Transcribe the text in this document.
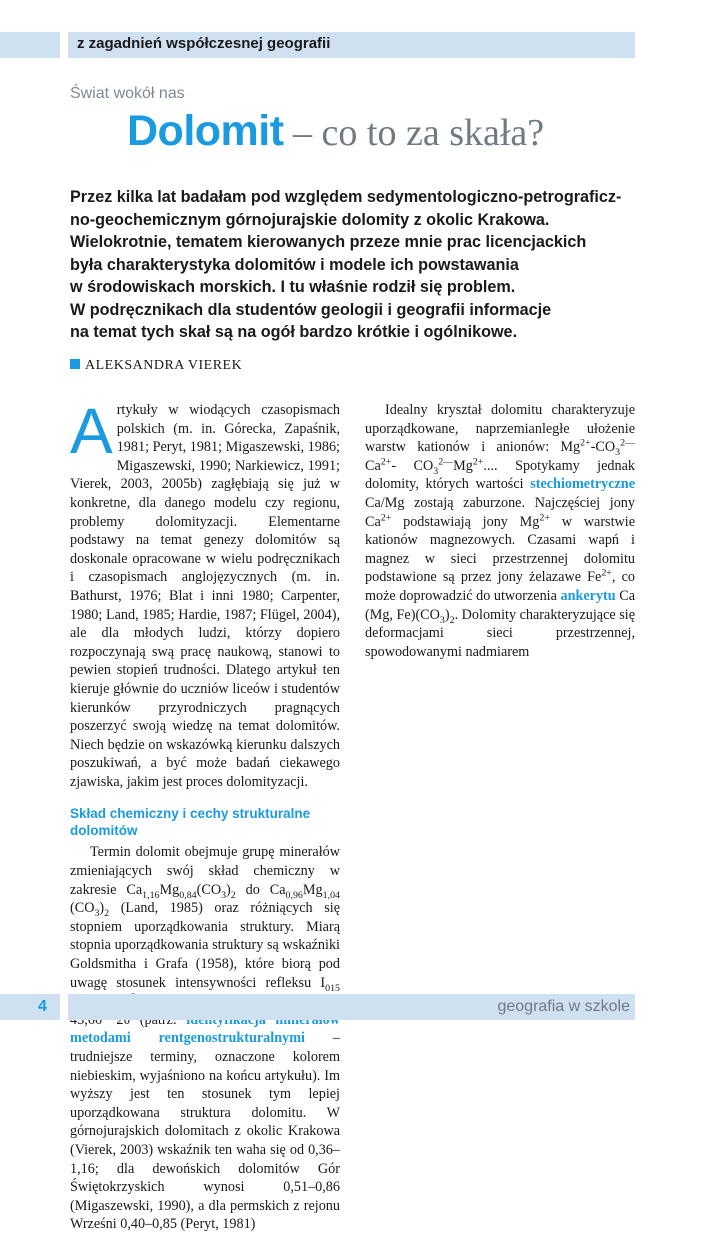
z zagadnień współczesnej geografii
Świat wokół nas
Dolomit – co to za skała?
Przez kilka lat badałam pod względem sedymentologiczno-petrograficz-
no-geochemicznym górnojurajskie dolomity z okolic Krakowa.
Wielokrotnie, tematem kierowanych przeze mnie prac licencjackich
była charakterystyka dolomitów i modele ich powstawania
w środowiskach morskich. I tu właśnie rodził się problem.
W podręcznikach dla studentów geologii i geografii informacje
na temat tych skał są na ogół bardzo krótkie i ogólnikowe.
ALEKSANDRA VIEREK

Artykuły w wiodących czasopismach polskich (m. in. Górecka, Zapaśnik, 1981; Peryt, 1981; Migaszewski, 1986; Migaszewski, 1990; Narkiewicz, 1991; Vierek, 2003, 2005b) zagłębiają się już w konkretne, dla danego modelu czy regionu, problemy dolomityzacji. Elementarne podstawy na temat genezy dolomitów są doskonale opracowane w wielu podręcznikach i czasopismach anglojęzycznych (m. in. Bathurst, 1976; Blat i inni 1980; Carpenter, 1980; Land, 1985; Hardie, 1987; Flügel, 2004), ale dla młodych ludzi, którzy dopiero rozpoczynają swą pracę naukową, stanowi to pewien stopień trudności. Dlatego artykuł ten kieruje głównie do uczniów liceów i studentów kierunków przyrodniczych pragnących poszerzyć swoją wiedzę na temat dolomitów. Niech będzie on wskazówką kierunku dalszych poszukiwań, a być może badań ciekawego zjawiska, jakim jest proces dolomityzacji.

Skład chemiczny i cechy strukturalne dolomitów

Termin dolomit obejmuje grupę minerałów zmieniających swój skład chemiczny w zakresie $Ca_{1,16}Mg_{0,84}(CO_3)_2$ do $Ca_{0,96}Mg_{1,04}$ $(CO_3)_2$ (Land, 1985) oraz różniących się stopniem uporządkowania struktury. Miarą stopnia uporządkowania struktury są wskaźniki Goldsmitha i Grafa (1958), które biorą pod uwagę stosunek intensywności refleksu $I_{015}$ metodami rentgenostrukturalnymi – trudniejsze terminy, oznaczone kolorem niebieskim, wyjaśniono na końcu artykułu). Im wyższy jest ten stosunek tym lepiej uporządkowana struktura dolomitu. W górnojurajskich dolomitach z okolic Krakowa (Vierek, 2003) wskaźnik ten waha się od 0,36–1,16; dla dewońskich dolomitów Gór Świętokrzyskich wynosi 0,51–0,86 (Migaszewski, 1990), a dla permskich z rejonu Wrześni 0,40–0,85 (Peryt, 1981)

Idealny kryształ dolomitu charakteryzuje uporządkowane, naprzemianległe ułożenie warstw kationów i anionów: $Mg^{2+}-CO_3^{2—}Ca^{2+}-$ $CO_3^{2—}Mg^{2+}$.... Spotykamy jednak dolomity, których wartości stechiometryczne Ca/Mg zostają zaburzone. Najczęściej jony $Ca^{2+}$ podstawiają jony $Mg^{2+}$ w warstwie kationów magnezowych. Czasami wapń i magnez w sieci przestrzennej dolomitu podstawione są przez jony żelazawe $Fe^{2+}$, co może doprowadzić do utworzenia ankerytu Ca (Mg, $Fe)(CO_3)_2$. Dolomity charakteryzujące się deformacjami sieci przestrzennej, spowodowanymi nadmiarem

4	geografia w szkole
